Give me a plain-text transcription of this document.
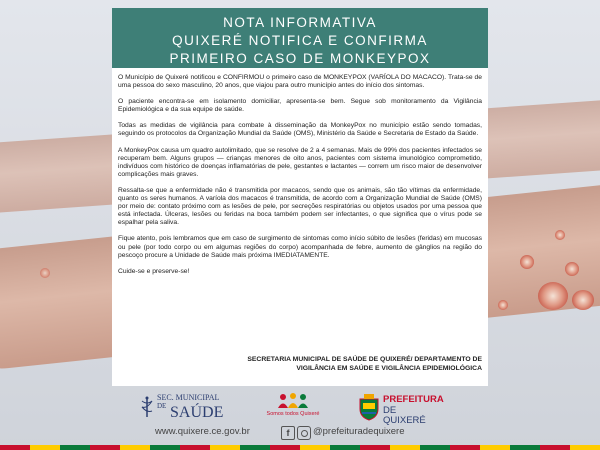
NOTA INFORMATIVA
QUIXERÉ NOTIFICA E CONFIRMA
PRIMEIRO CASO DE MONKEYPOX

O Município de Quixeré notificou e CONFIRMOU o primeiro caso de MONKEYPOX (VARÍOLA DO MACACO). Trata-se de uma pessoa do sexo masculino, 20 anos, que viajou para outro município antes do início dos sintomas.

O paciente encontra-se em isolamento domiciliar, apresenta-se bem. Segue sob monitoramento da Vigilância Epidemiológica e da sua equipe de saúde.

Todas as medidas de vigilância para combate à disseminação da MonkeyPox no município estão sendo tomadas, seguindo os protocolos da Organização Mundial da Saúde (OMS), Ministério da Saúde e Secretaria de Estado da Saúde.

A MonkeyPox causa um quadro autolimitado, que se resolve de 2 a 4 semanas. Mais de 99% dos pacientes infectados se recuperam bem. Alguns grupos — crianças menores de oito anos, pacientes com sistema imunológico comprometido, indivíduos com histórico de doenças inflamatórias de pele, gestantes e lactantes — correm um risco maior de desenvolver complicações mais graves.

Ressalta-se que a enfermidade não é transmitida por macacos, sendo que os animais, são tão vítimas da enfermidade, quanto os seres humanos. A varíola dos macacos é transmitida, de acordo com a Organização Mundial de Saúde (OMS) por meio de: contato próximo com as lesões de pele, por secreções respiratórias ou objetos usados por uma pessoa que está infectada. Úlceras, lesões ou feridas na boca também podem ser infectantes, o que significa que o vírus pode se espalhar pela saliva.

Fique atento, pois lembramos que em caso de surgimento de sintomas como início súbito de lesões (feridas) em mucosas ou pele (por todo corpo ou em algumas regiões do corpo) acompanhada de febre, aumento de gânglios na região do pescoço procure a Unidade de Saúde mais próxima IMEDIATAMENTE.

Cuide-se e preserve-se!

SECRETARIA MUNICIPAL DE SAÚDE DE QUIXERÉ/ DEPARTAMENTO DE
VIGILÂNCIA EM SAÚDE E VIGILÂNCIA EPIDEMIOLÓGICA
SEC. MUNICIPAL
DE SAÚDE	Somos todos Quixeré
PREFEITURA
DE QUIXERÉ
www.quixere.ce.gov.br	f	@prefeituradequixere
